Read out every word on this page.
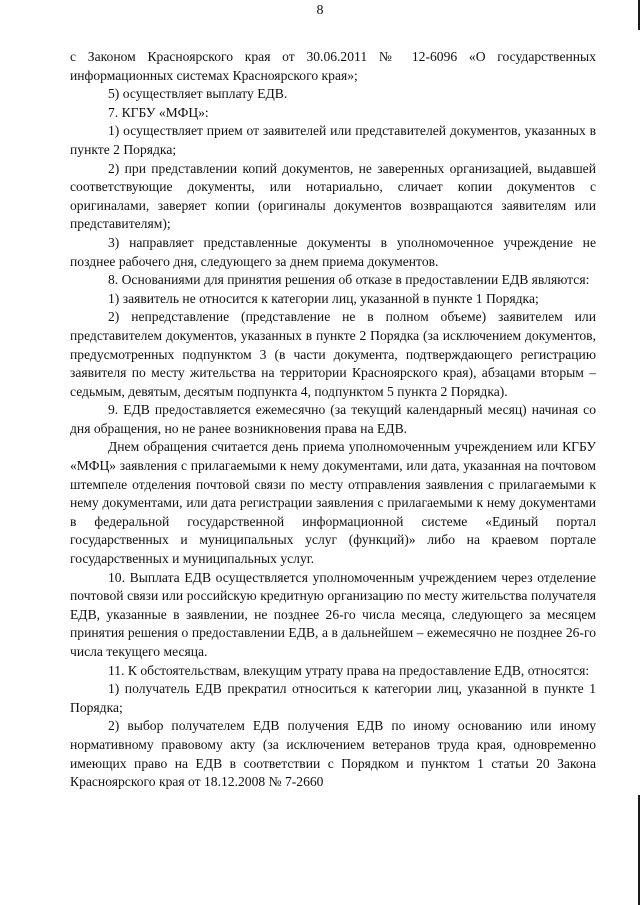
8

с Законом Красноярского края от 30.06.2011 № 12-6096 «О государственных информационных системах Красноярского края»;

5) осуществляет выплату ЕДВ.

7. КГБУ «МФЦ»:

1) осуществляет прием от заявителей или представителей документов, указанных в пункте 2 Порядка;

2) при представлении копий документов, не заверенных организацией, выдавшей соответствующие документы, или нотариально, сличает копии документов с оригиналами, заверяет копии (оригиналы документов возвращаются заявителям или представителям);

3) направляет представленные документы в уполномоченное учреждение не позднее рабочего дня, следующего за днем приема документов.

8. Основаниями для принятия решения об отказе в предоставлении ЕДВ являются:

1) заявитель не относится к категории лиц, указанной в пункте 1 Порядка;

2) непредставление (представление не в полном объеме) заявителем или представителем документов, указанных в пункте 2 Порядка (за исключением документов, предусмотренных подпунктом 3 (в части документа, подтверждающего регистрацию заявителя по месту жительства на территории Красноярского края), абзацами вторым – седьмым, девятым, десятым подпункта 4, подпунктом 5 пункта 2 Порядка).

9. ЕДВ предоставляется ежемесячно (за текущий календарный месяц) начиная со дня обращения, но не ранее возникновения права на ЕДВ.

Днем обращения считается день приема уполномоченным учреждением или КГБУ «МФЦ» заявления с прилагаемыми к нему документами, или дата, указанная на почтовом штемпеле отделения почтовой связи по месту отправления заявления с прилагаемыми к нему документами, или дата регистрации заявления с прилагаемыми к нему документами в федеральной государственной информационной системе «Единый портал государственных и муниципальных услуг (функций)» либо на краевом портале государственных и муниципальных услуг.

10. Выплата ЕДВ осуществляется уполномоченным учреждением через отделение почтовой связи или российскую кредитную организацию по месту жительства получателя ЕДВ, указанные в заявлении, не позднее 26-го числа месяца, следующего за месяцем принятия решения о предоставлении ЕДВ, а в дальнейшем – ежемесячно не позднее 26-го числа текущего месяца.

11. К обстоятельствам, влекущим утрату права на предоставление ЕДВ, относятся:

1) получатель ЕДВ прекратил относиться к категории лиц, указанной в пункте 1 Порядка;

2) выбор получателем ЕДВ получения ЕДВ по иному основанию или иному нормативному правовому акту (за исключением ветеранов труда края, одновременно имеющих право на ЕДВ в соответствии с Порядком и пунктом 1 статьи 20 Закона Красноярского края от 18.12.2008 № 7-2660
